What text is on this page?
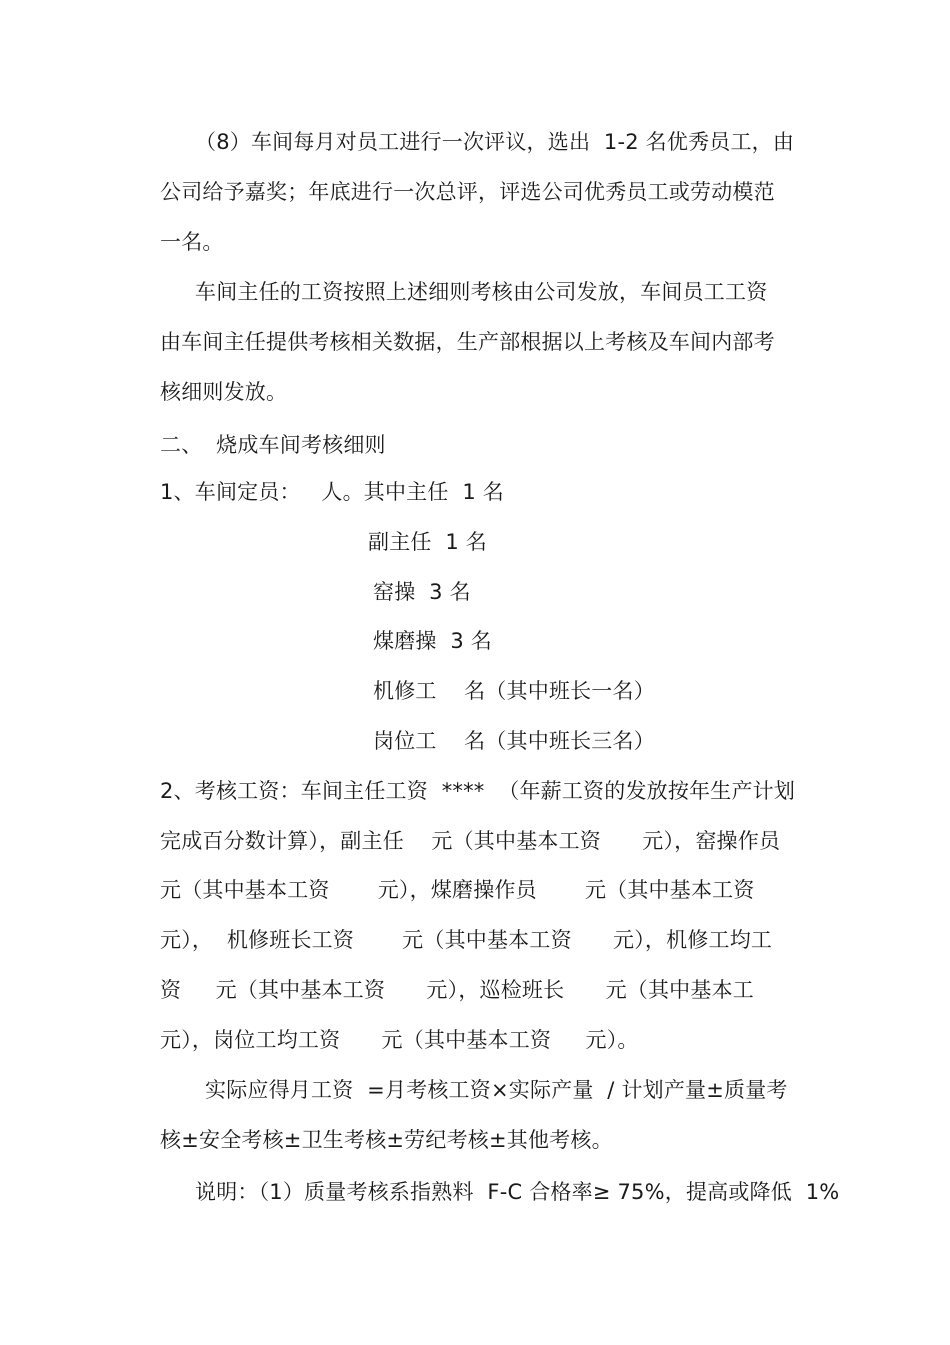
（8）车间每月对员工进行一次评议，选出  1-2 名优秀员工，由
公司给予嘉奖；年底进行一次总评，评选公司优秀员工或劳动模范
一名。
车间主任的工资按照上述细则考核由公司发放，车间员工工资
由车间主任提供考核相关数据，生产部根据以上考核及车间内部考
核细则发放。
二、  烧成车间考核细则
1、车间定员：   人。其中主任  1 名
副主任  1 名
窑操  3 名
煤磨操  3 名
机修工    名（其中班长一名）
岗位工    名（其中班长三名）
2、考核工资：车间主任工资  ****  （年薪工资的发放按年生产计划
完成百分数计算），副主任    元（其中基本工资      元），窑操作员
元（其中基本工资       元），煤磨操作员       元（其中基本工资
元），  机修班长工资       元（其中基本工资      元），机修工均工
资     元（其中基本工资      元），巡检班长      元（其中基本工
元），岗位工均工资      元（其中基本工资     元）。
实际应得月工资  =月考核工资×实际产量  / 计划产量±质量考
核±安全考核±卫生考核±劳纪考核±其他考核。
说明：（1）质量考核系指熟料  F-C 合格率≥ 75%，提高或降低  1%
